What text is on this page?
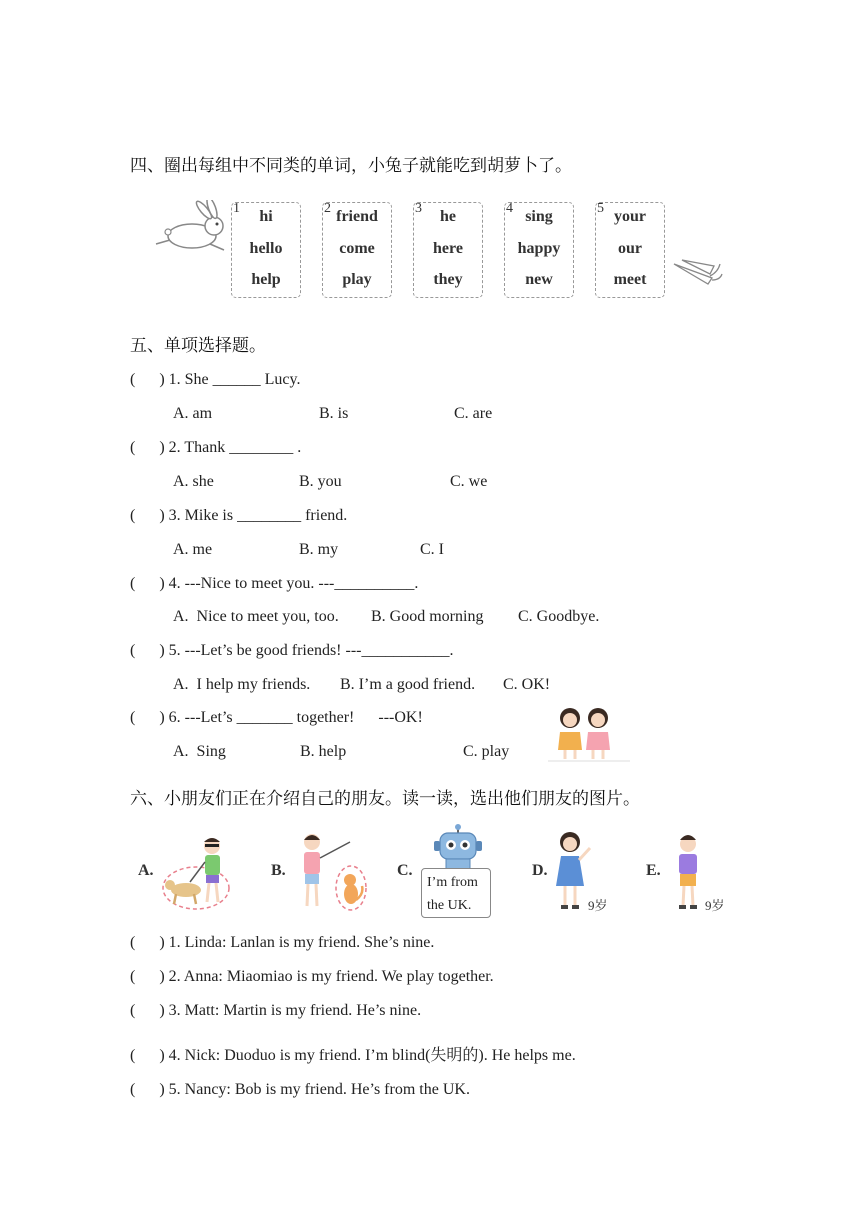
四、圈出每组中不同类的单词，小兔子就能吃到胡萝卜了。
1	hi
hello
help
2 friend
come
play
3	he
here
they
4 sing
happy
new
5 your
our
meet
五、单项选择题。
(      ) 1. She ______ Lucy.
A. am	B. is	C. are
(      ) 2. Thank ________ .
A. she	B. you	C. we
(      ) 3. Mike is ________ friend.
A. me	B. my	C. I
(      ) 4. ---Nice to meet you. ---__________.
A.  Nice to meet you, too. B. Good morning C. Goodbye.
(      ) 5. ---Let’s be good friends! ---___________.
A.  I help my friends. B. I’m a good friend. C. OK!
(      ) 6. ---Let’s _______ together!      ---OK!
A.  Sing	B. help	C. play
六、小朋友们正在介绍自己的朋友。读一读，选出他们朋友的图片。
A.	B.	C.
I’m from
the UK.
D.
9岁
E.
9岁
(      ) 1. Linda: Lanlan is my friend. She’s nine.
(      ) 2. Anna: Miaomiao is my friend. We play together.
(      ) 3. Matt: Martin is my friend. He’s nine.
(      ) 4. Nick: Duoduo is my friend. I’m blind(失明的). He helps me.
(      ) 5. Nancy: Bob is my friend. He’s from the UK.
